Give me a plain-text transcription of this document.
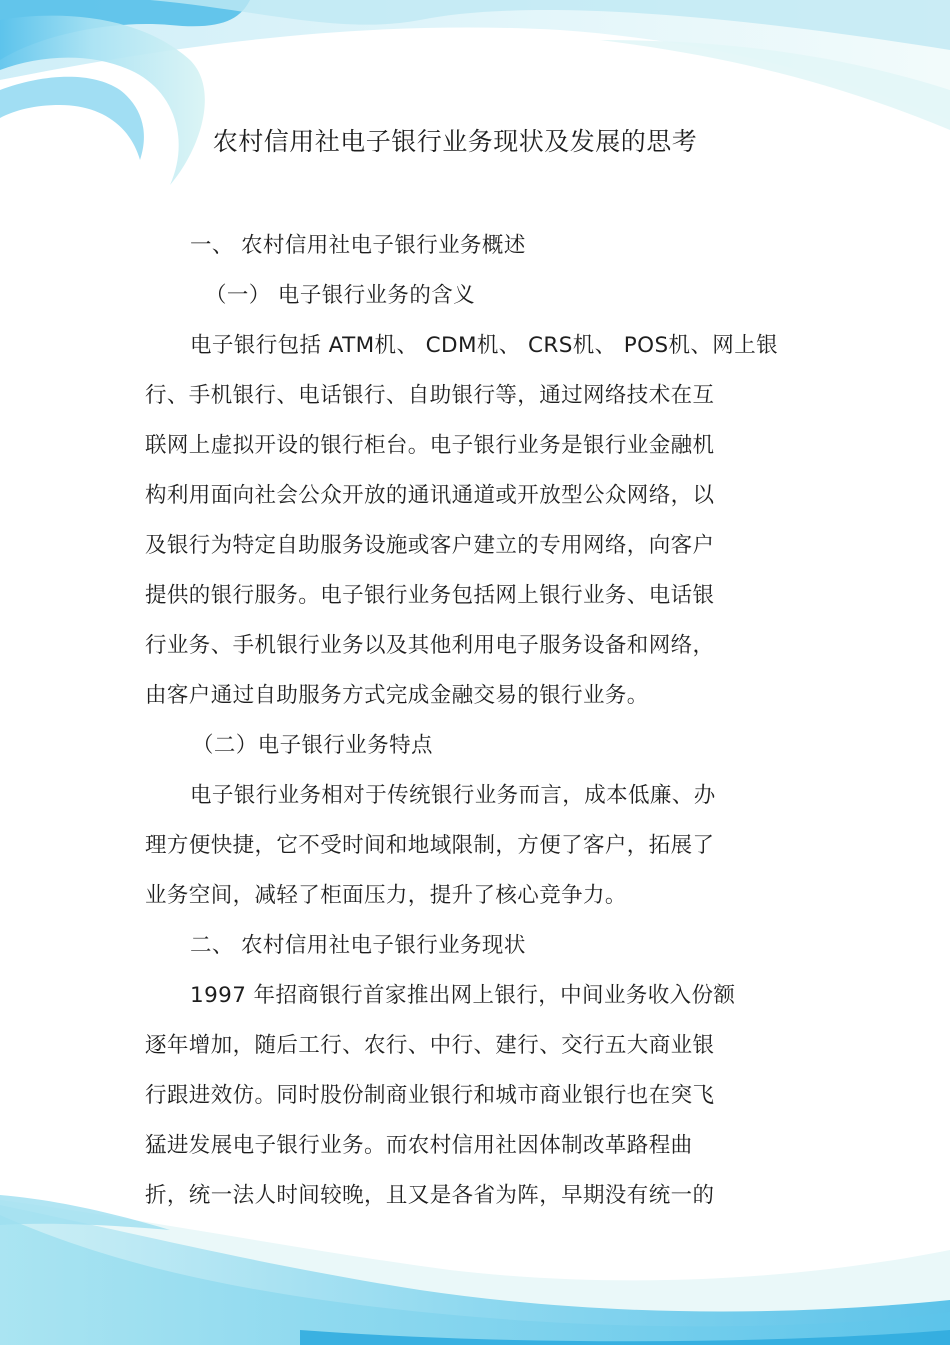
农村信用社电子银行业务现状及发展的思考
一、 农村信用社电子银行业务概述
（一） 电子银行业务的含义
电子银行包括 ATM机、 CDM机、 CRS机、 POS机、网上银
行、手机银行、电话银行、自助银行等，通过网络技术在互
联网上虚拟开设的银行柜台。电子银行业务是银行业金融机
构利用面向社会公众开放的通讯通道或开放型公众网络，以
及银行为特定自助服务设施或客户建立的专用网络，向客户
提供的银行服务。电子银行业务包括网上银行业务、电话银
行业务、手机银行业务以及其他利用电子服务设备和网络，
由客户通过自助服务方式完成金融交易的银行业务。
（二）电子银行业务特点
电子银行业务相对于传统银行业务而言，成本低廉、办
理方便快捷，它不受时间和地域限制，方便了客户，拓展了
业务空间，减轻了柜面压力，提升了核心竞争力。
二、 农村信用社电子银行业务现状
1997 年招商银行首家推出网上银行，中间业务收入份额
逐年增加，随后工行、农行、中行、建行、交行五大商业银
行跟进效仿。同时股份制商业银行和城市商业银行也在突飞
猛进发展电子银行业务。而农村信用社因体制改革路程曲
折，统一法人时间较晚，且又是各省为阵，早期没有统一的
